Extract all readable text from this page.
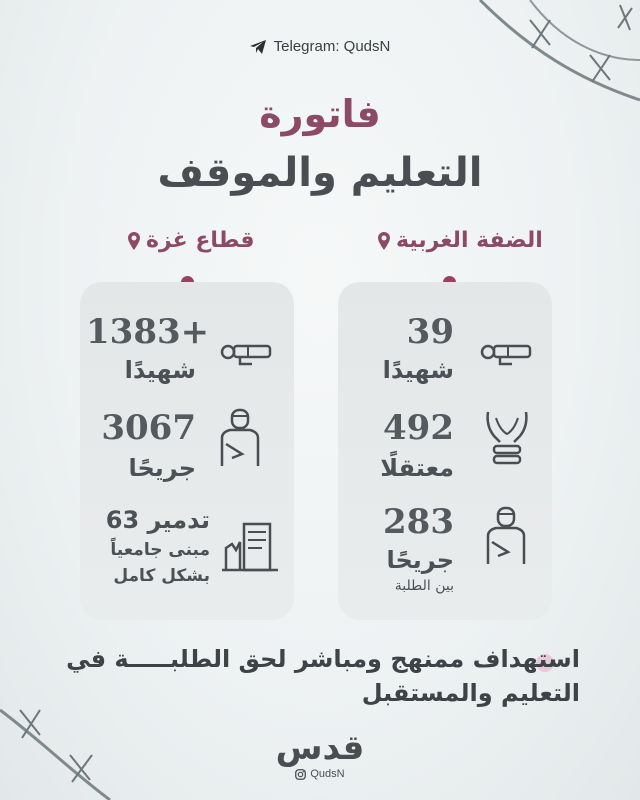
Telegram: QudsN
فاتورة
التعليم والموقف
قطاع غزة	الضفة الغربية
1383+
شهيدًا
3067
جريحًا
تدمير 63
مبنى جامعياً
بشكل كامل
39
شهيدًا
492
معتقلًا
283
جريحًا
بين الطلبة
استهداف ممنهج ومباشر لحق الطلبـــــة في التعليم والمستقبل
قدس
QudsN
